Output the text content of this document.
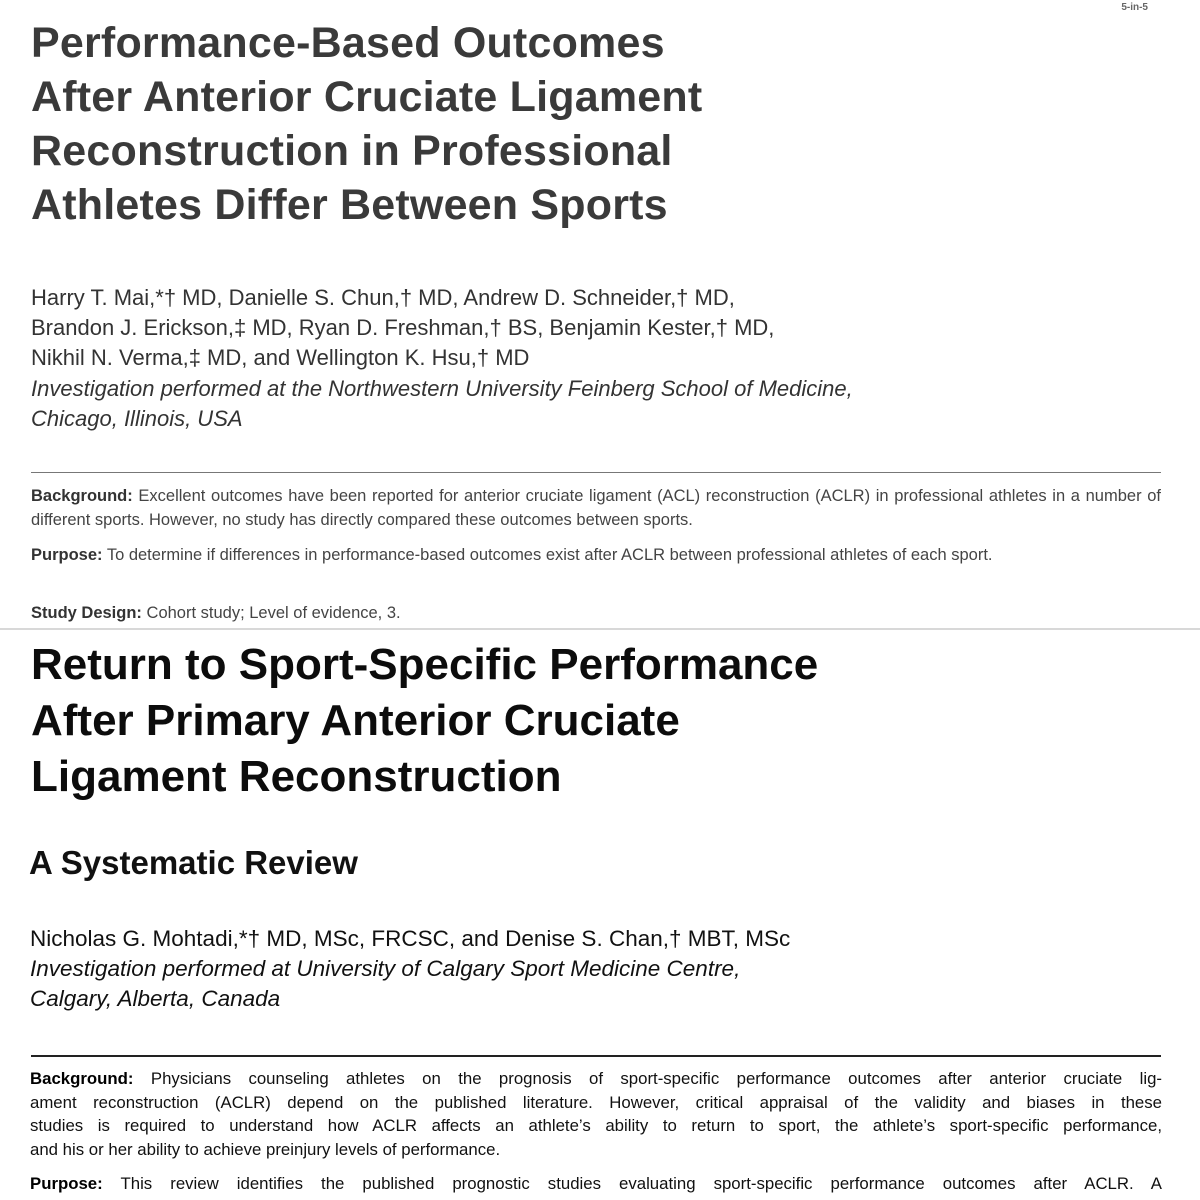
5-in-5
Performance-Based Outcomes
After Anterior Cruciate Ligament
Reconstruction in Professional
Athletes Differ Between Sports

Harry T. Mai,*† MD, Danielle S. Chun,† MD, Andrew D. Schneider,† MD,
Brandon J. Erickson,‡ MD, Ryan D. Freshman,† BS, Benjamin Kester,† MD,
Nikhil N. Verma,‡ MD, and Wellington K. Hsu,† MD

Investigation performed at the Northwestern University Feinberg School of Medicine,
Chicago, Illinois, USA

Background: Excellent outcomes have been reported for anterior cruciate ligament (ACL) reconstruction (ACLR) in professional athletes in a number of different sports. However, no study has directly compared these outcomes between sports.

Purpose: To determine if differences in performance-based outcomes exist after ACLR between professional athletes of each sport.

Study Design: Cohort study; Level of evidence, 3.

Return to Sport-Specific Performance
After Primary Anterior Cruciate
Ligament Reconstruction
A Systematic Review

Nicholas G. Mohtadi,*† MD, MSc, FRCSC, and Denise S. Chan,† MBT, MSc

Investigation performed at University of Calgary Sport Medicine Centre,
Calgary, Alberta, Canada

Background: Physicians counseling athletes on the prognosis of sport-specific performance outcomes after anterior cruciate lig-
ament reconstruction (ACLR) depend on the published literature. However, critical appraisal of the validity and biases in these
studies is required to understand how ACLR affects an athlete’s ability to return to sport, the athlete’s sport-specific performance,
and his or her ability to achieve preinjury levels of performance.
Purpose: This review identifies the published prognostic studies evaluating sport-specific performance outcomes after ACLR. A
